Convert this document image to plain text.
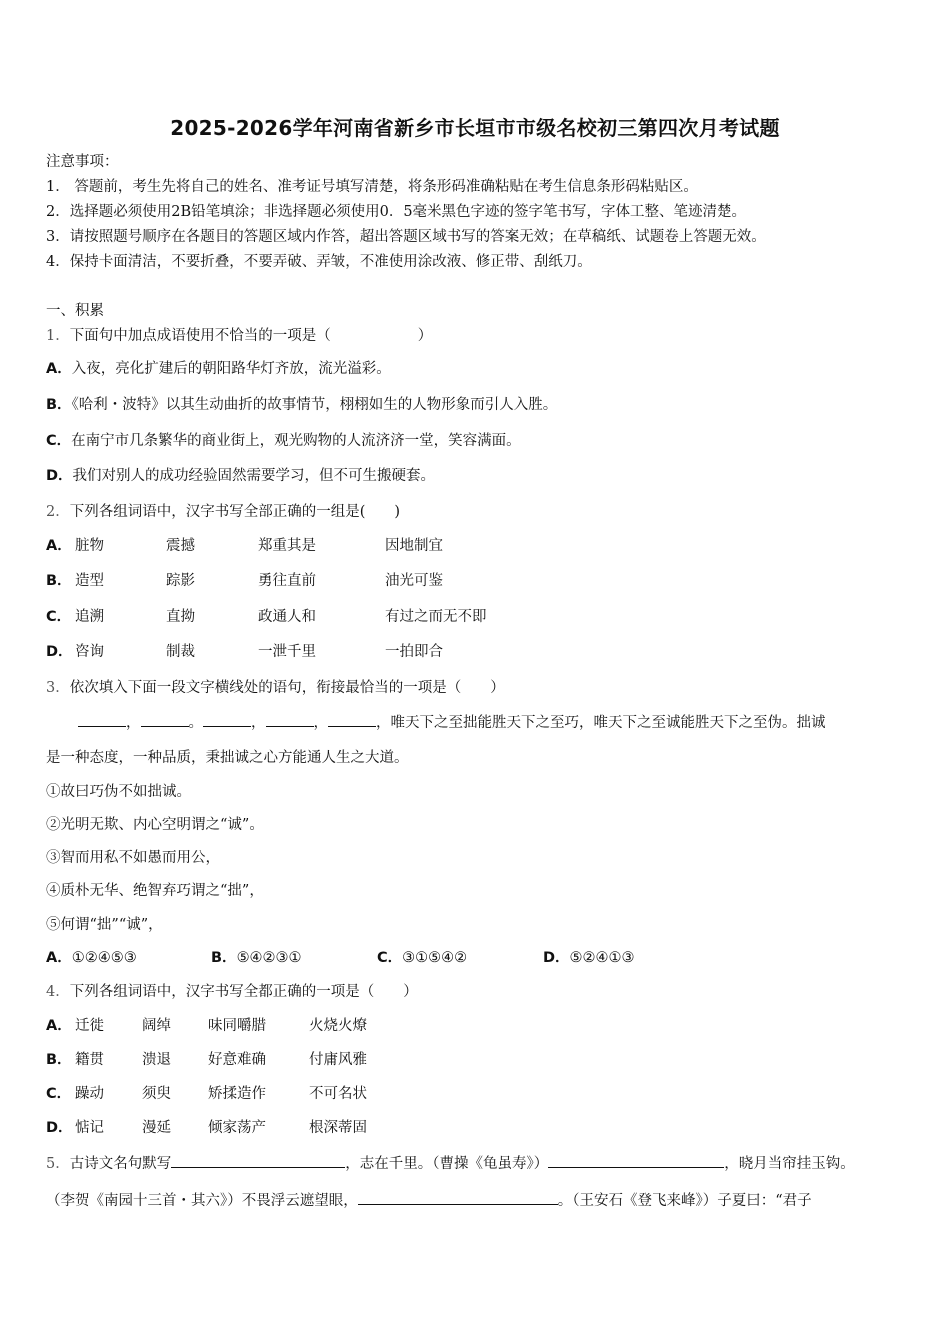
2025-2026学年河南省新乡市长垣市市级名校初三第四次月考试题
注意事项：
1． 答题前，考生先将自己的姓名、准考证号填写清楚，将条形码准确粘贴在考生信息条形码粘贴区。
2．选择题必须使用2B铅笔填涂；非选择题必须使用0．5毫米黑色字迹的签字笔书写，字体工整、笔迹清楚。
3．请按照题号顺序在各题目的答题区域内作答，超出答题区域书写的答案无效；在草稿纸、试题卷上答题无效。
4．保持卡面清洁，不要折叠，不要弄破、弄皱，不准使用涂改液、修正带、刮纸刀。
一、积累
1．下面句中加点成语使用不恰当的一项是（　　　　　　）
A．入夜，亮化扩建后的朝阳路华灯齐放，流光溢彩。
B．《哈利・波特》以其生动曲折的故事情节，栩栩如生的人物形象而引人入胜。
C．在南宁市几条繁华的商业街上，观光购物的人流济济一堂，笑容满面。
D．我们对别人的成功经验固然需要学习，但不可生搬硬套。
2．下列各组词语中，汉字书写全部正确的一组是(　　)
A． 脏物	震撼	郑重其是	因地制宜
B． 造型	踪影	勇往直前	油光可鉴
C． 追溯	直拗	政通人和	有过之而无不即
D． 咨询	制裁	一泄千里	一拍即合
3．依次填入下面一段文字横线处的语句，衔接最恰当的一项是（　　）
，	。	，	，	，唯天下之至拙能胜天下之至巧，唯天下之至诚能胜天下之至伪。拙诚
是一种态度，一种品质，秉拙诚之心方能通人生之大道。
①故曰巧伪不如拙诚。
②光明无欺、内心空明谓之“诚”。
③智而用私不如愚而用公，
④质朴无华、绝智弃巧谓之“拙”，
⑤何谓“拙”“诚”，
A．①②④⑤③	B．⑤④②③①	C．③①⑤④②	D．⑤②④①③
4．下列各组词语中，汉字书写全都正确的一项是（　　）
A． 迁徙	阔绰	味同嚼腊	火烧火燎
B． 籍贯	溃退	好意难确	付庸风雅
C． 躁动	须臾	矫揉造作	不可名状
D． 惦记	漫延	倾家荡产	根深蒂固
5．古诗文名句默写	，志在千里。（曹操《龟虽寿》）	，晓月当帘挂玉钩。
（李贺《南园十三首・其六》）不畏浮云遮望眼，	。（王安石《登飞来峰》）子夏曰：“君子
